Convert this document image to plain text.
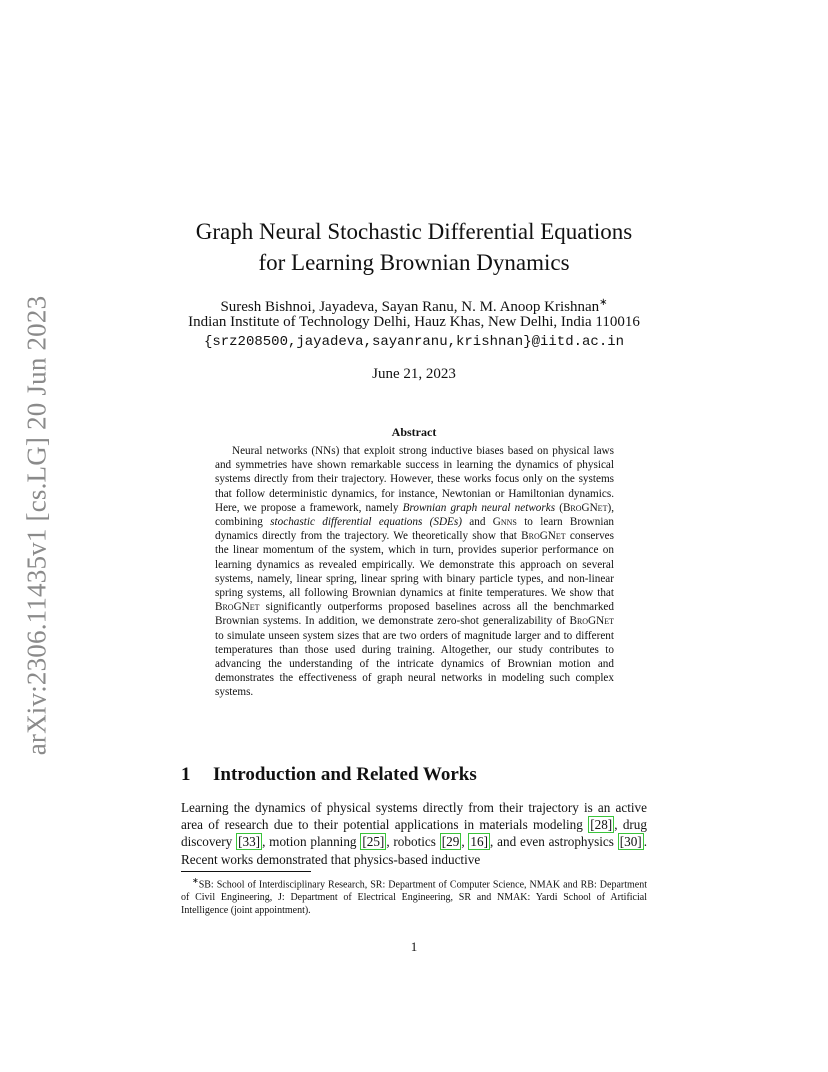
arXiv:2306.11435v1 [cs.LG] 20 Jun 2023
Graph Neural Stochastic Differential Equations
for Learning Brownian Dynamics
Suresh Bishnoi, Jayadeva, Sayan Ranu, N. M. Anoop Krishnan∗
Indian Institute of Technology Delhi, Hauz Khas, New Delhi, India 110016
{srz208500,jayadeva,sayanranu,krishnan}@iitd.ac.in
June 21, 2023
Abstract
Neural networks (NNs) that exploit strong inductive biases based on physical laws and symmetries have shown remarkable success in learning the dynamics of physical systems directly from their trajectory. However, these works focus only on the systems that follow deterministic dynamics, for instance, Newtonian or Hamiltonian dynamics. Here, we propose a framework, namely Brownian graph neural networks (BroGNet), combining stochastic differential equations (SDEs) and Gnns to learn Brownian dynamics directly from the trajectory. We theoretically show that BroGNet conserves the linear momentum of the system, which in turn, provides superior performance on learning dynamics as revealed empirically. We demonstrate this approach on several systems, namely, linear spring, linear spring with binary particle types, and non-linear spring systems, all following Brownian dynamics at finite temperatures. We show that BroGNet significantly outperforms proposed baselines across all the benchmarked Brownian systems. In addition, we demonstrate zero-shot generalizability of BroGNet to simulate unseen system sizes that are two orders of magnitude larger and to different temperatures than those used during training. Altogether, our study contributes to advancing the understanding of the intricate dynamics of Brownian motion and demonstrates the effectiveness of graph neural networks in modeling such complex systems.
1 Introduction and Related Works
Learning the dynamics of physical systems directly from their trajectory is an active area of research due to their potential applications in materials modeling [28] , drug discovery [33] , motion planning [25] , robotics [29 , 16] , and even astrophysics [30] . Recent works demonstrated that physics-based inductive
∗SB: School of Interdisciplinary Research, SR: Department of Computer Science, NMAK and RB: Department of Civil Engineering, J: Department of Electrical Engineering, SR and NMAK: Yardi School of Artificial Intelligence (joint appointment).
1
